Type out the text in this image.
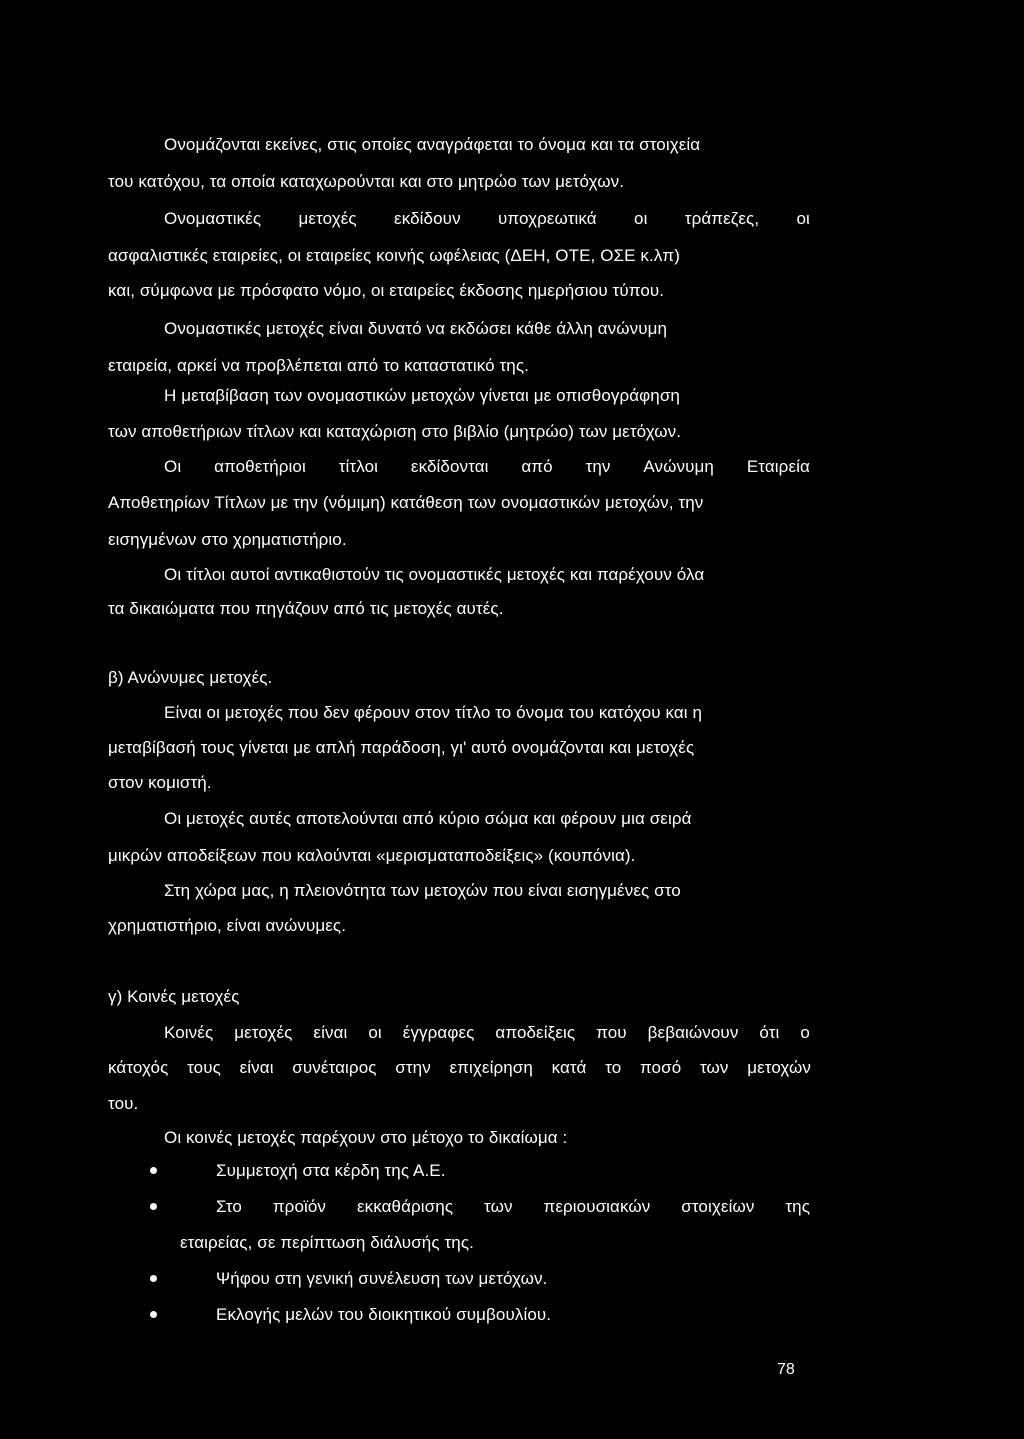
Ονομάζονται εκείνες, στις οποίες αναγράφεται το όνομα και τα στοιχεία
του κατόχου, τα οποία καταχωρούνται και στο μητρώο των μετόχων.
Ονομαστικές μετοχές εκδίδουν υποχρεωτικά οι τράπεζες, οι
ασφαλιστικές εταιρείες, οι εταιρείες κοινής ωφέλειας (ΔΕΗ, ΟΤΕ, ΟΣΕ κ.λπ)
και, σύμφωνα με πρόσφατο νόμο, οι εταιρείες έκδοσης ημερήσιου τύπου.
Ονομαστικές μετοχές είναι δυνατό να εκδώσει κάθε άλλη ανώνυμη
εταιρεία, αρκεί να προβλέπεται από το καταστατικό της.
Η μεταβίβαση των ονομαστικών μετοχών γίνεται με οπισθογράφηση
των αποθετήριων τίτλων και καταχώριση στο βιβλίο (μητρώο) των μετόχων.
Οι αποθετήριοι τίτλοι εκδίδονται από την Ανώνυμη Εταιρεία
Αποθετηρίων Τίτλων με την (νόμιμη) κατάθεση των ονομαστικών μετοχών, την
εισηγμένων στο χρηματιστήριο.
Οι τίτλοι αυτοί αντικαθιστούν τις ονομαστικές μετοχές και παρέχουν όλα
τα δικαιώματα που πηγάζουν από τις μετοχές αυτές.
β) Ανώνυμες μετοχές.
Είναι οι μετοχές που δεν φέρουν στον τίτλο το όνομα του κατόχου και η
μεταβίβασή τους γίνεται με απλή παράδοση, γι' αυτό ονομάζονται και μετοχές
στον κομιστή.
Οι μετοχές αυτές αποτελούνται από κύριο σώμα και φέρουν μια σειρά
μικρών αποδείξεων που καλούνται «μερισματαποδείξεις» (κουπόνια).
Στη χώρα μας, η πλειονότητα των μετοχών που είναι εισηγμένες στο
χρηματιστήριο, είναι ανώνυμες.
γ) Κοινές μετοχές
Κοινές μετοχές είναι οι έγγραφες αποδείξεις που βεβαιώνουν ότι ο
κάτοχός τους είναι συνέταιρος στην επιχείρηση κατά το ποσό των μετοχών
του.
Οι κοινές μετοχές παρέχουν στο μέτοχο το δικαίωμα :
Συμμετοχή στα κέρδη της Α.Ε.
Στο προϊόν εκκαθάρισης των περιουσιακών στοιχείων της
εταιρείας, σε περίπτωση διάλυσής της.
Ψήφου στη γενική συνέλευση των μετόχων.
Εκλογής μελών του διοικητικού συμβουλίου.
78
